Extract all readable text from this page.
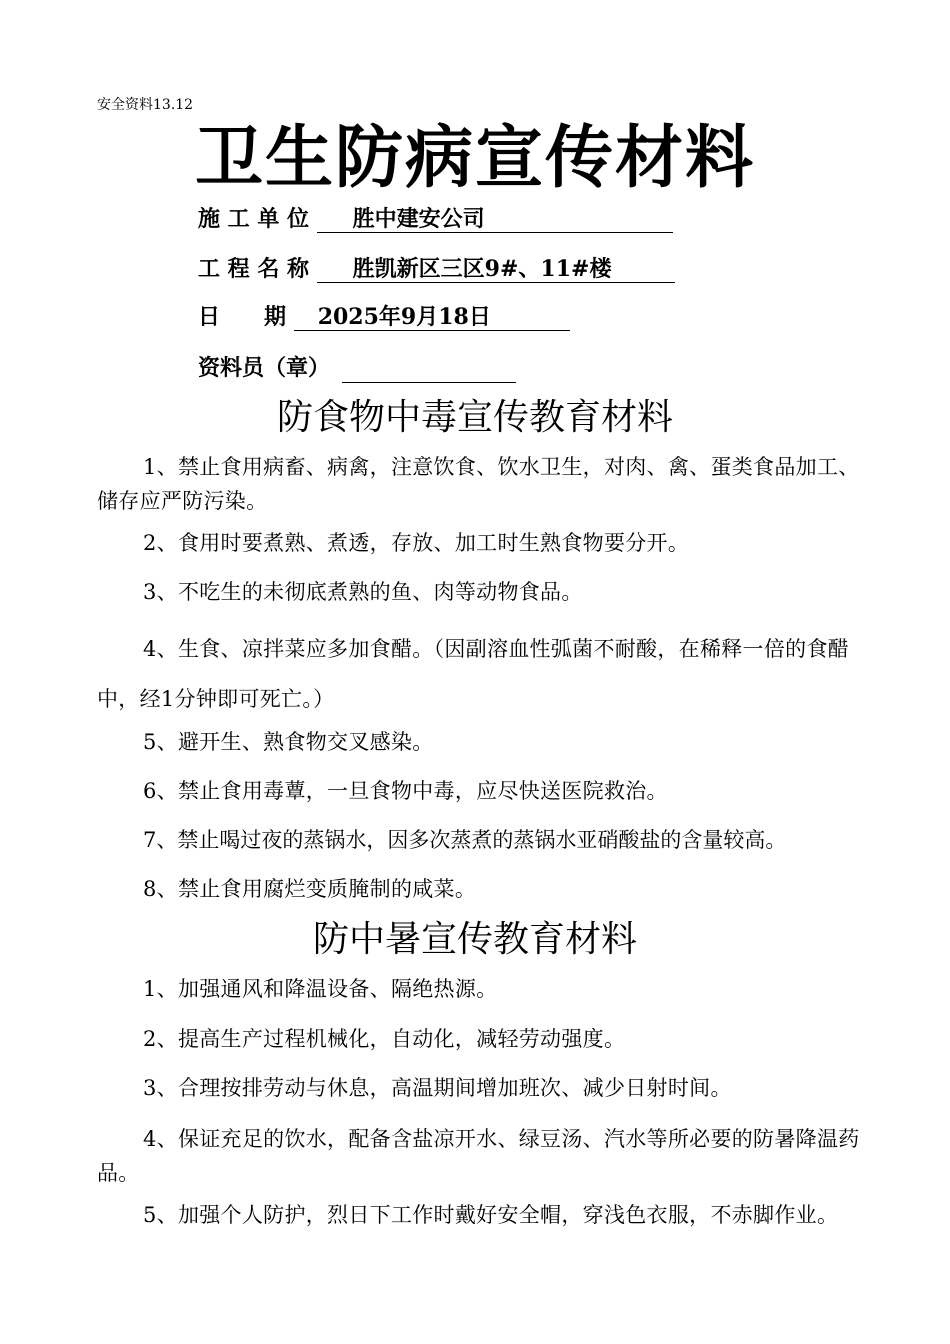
安全资料13.12
卫生防病宣传材料
施 工 单 位 胜中建安公司
工 程 名 称 胜凯新区三区9#、11#楼
日　　期 2025年9月18日
资料员（章）
防食物中毒宣传教育材料
1、禁止食用病畜、病禽，注意饮食、饮水卫生，对肉、禽、蛋类食品加工、储存应严防污染。
2、食用时要煮熟、煮透，存放、加工时生熟食物要分开。
3、不吃生的未彻底煮熟的鱼、肉等动物食品。
4、生食、凉拌菜应多加食醋。（因副溶血性弧菌不耐酸，在稀释一倍的食醋中，经1分钟即可死亡。）
5、避开生、熟食物交叉感染。
6、禁止食用毒蕈，一旦食物中毒，应尽快送医院救治。
7、禁止喝过夜的蒸锅水，因多次蒸煮的蒸锅水亚硝酸盐的含量较高。
8、禁止食用腐烂变质腌制的咸菜。
防中暑宣传教育材料
1、加强通风和降温设备、隔绝热源。
2、提高生产过程机械化，自动化，减轻劳动强度。
3、合理按排劳动与休息，高温期间增加班次、减少日射时间。
4、保证充足的饮水，配备含盐凉开水、绿豆汤、汽水等所必要的防暑降温药品。
5、加强个人防护，烈日下工作时戴好安全帽，穿浅色衣服，不赤脚作业。
